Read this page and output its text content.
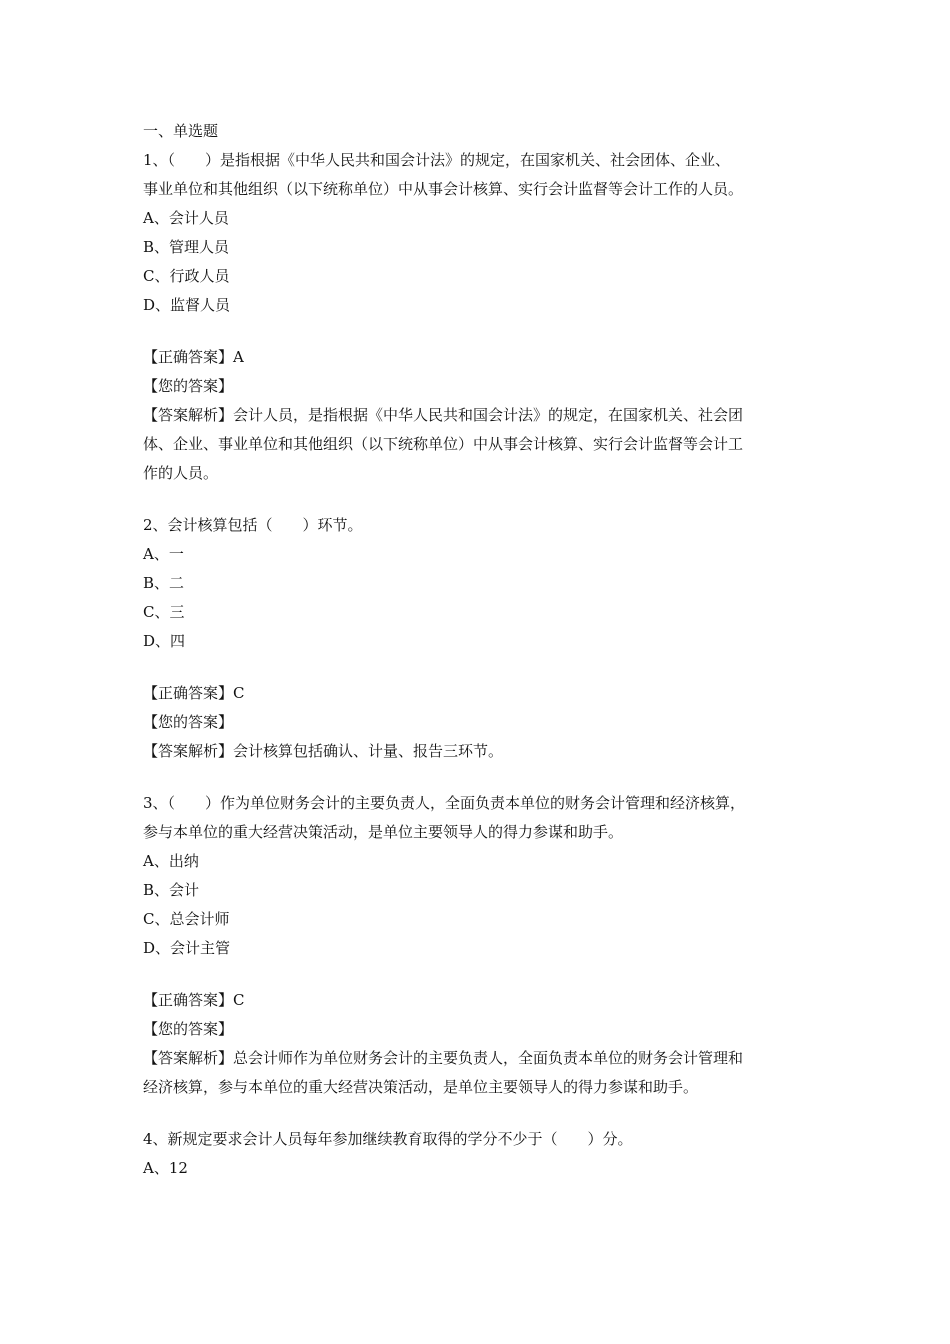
一、单选题
1、（　　）是指根据《中华人民共和国会计法》的规定，在国家机关、社会团体、企业、
事业单位和其他组织（以下统称单位）中从事会计核算、实行会计监督等会计工作的人员。
A、会计人员
B、管理人员
C、行政人员
D、监督人员
【正确答案】A
【您的答案】
【答案解析】会计人员，是指根据《中华人民共和国会计法》的规定，在国家机关、社会团
体、企业、事业单位和其他组织（以下统称单位）中从事会计核算、实行会计监督等会计工
作的人员。
2、会计核算包括（　　）环节。
A、一
B、二
C、三
D、四
【正确答案】C
【您的答案】
【答案解析】会计核算包括确认、计量、报告三环节。
3、（　　）作为单位财务会计的主要负责人，全面负责本单位的财务会计管理和经济核算，
参与本单位的重大经营决策活动，是单位主要领导人的得力参谋和助手。
A、出纳
B、会计
C、总会计师
D、会计主管
【正确答案】C
【您的答案】
【答案解析】总会计师作为单位财务会计的主要负责人，全面负责本单位的财务会计管理和
经济核算，参与本单位的重大经营决策活动，是单位主要领导人的得力参谋和助手。
4、新规定要求会计人员每年参加继续教育取得的学分不少于（　　）分。
A、12
